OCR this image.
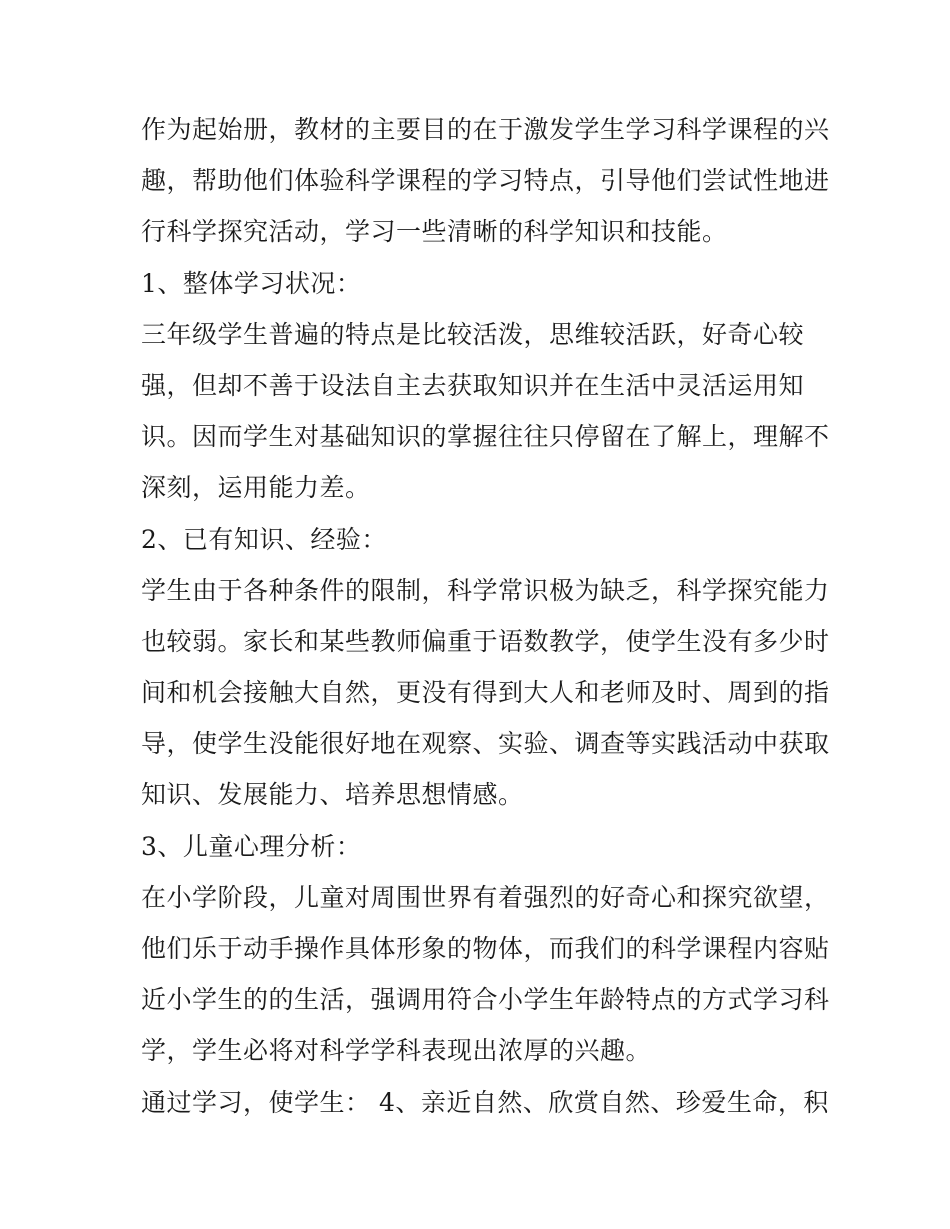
作为起始册，教材的主要目的在于激发学生学习科学课程的兴
趣，帮助他们体验科学课程的学习特点，引导他们尝试性地进
行科学探究活动，学习一些清晰的科学知识和技能。
1、整体学习状况：
三年级学生普遍的特点是比较活泼，思维较活跃，好奇心较
强，但却不善于设法自主去获取知识并在生活中灵活运用知
识。因而学生对基础知识的掌握往往只停留在了解上，理解不
深刻，运用能力差。
2、已有知识、经验：
学生由于各种条件的限制，科学常识极为缺乏，科学探究能力
也较弱。家长和某些教师偏重于语数教学，使学生没有多少时
间和机会接触大自然，更没有得到大人和老师及时、周到的指
导，使学生没能很好地在观察、实验、调查等实践活动中获取
知识、发展能力、培养思想情感。
3、儿童心理分析：
在小学阶段，儿童对周围世界有着强烈的好奇心和探究欲望，
他们乐于动手操作具体形象的物体，而我们的科学课程内容贴
近小学生的的生活，强调用符合小学生年龄特点的方式学习科
学，学生必将对科学学科表现出浓厚的兴趣。
通过学习，使学生： 4、亲近自然、欣赏自然、珍爱生命，积
